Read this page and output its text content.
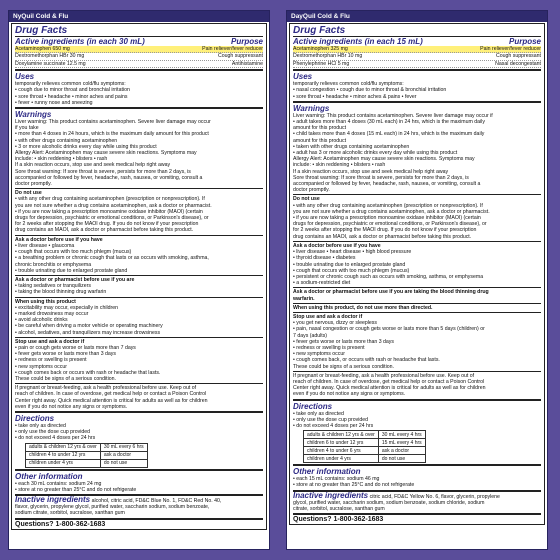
NyQuil Cold & Flu
Drug Facts
Active ingredients (in each 30 mL)	Purpose
Acetaminophen 650 mg	Pain reliever/fever reducer
Dextromethorphan HBr 30 mg	Cough suppressant
Doxylamine succinate 12.5 mg	Antihistamine
Uses
temporarily relieves common cold/flu symptoms:
• cough due to minor throat and bronchial irritation
• sore throat • headache • minor aches and pains
• fever • runny nose and sneezing
Warnings
Liver warning: This product contains acetaminophen. Severe liver damage may occur
if you take
• more than 4 doses in 24 hours, which is the maximum daily amount for this product
• with other drugs containing acetaminophen
• 3 or more alcoholic drinks every day while using this product
Allergy Alert: Acetaminophen may cause severe skin reactions. Symptoms may
include: • skin reddening • blisters • rash
If a skin reaction occurs, stop use and seek medical help right away
Sore throat warning: If sore throat is severe, persists for more than 2 days, is
accompanied or followed by fever, headache, rash, nausea, or vomiting, consult a
doctor promptly.
Do not use
• with any other drug containing acetaminophen (prescription or nonprescription). If
you are not sure whether a drug contains acetaminophen, ask a doctor or pharmacist.
• if you are now taking a prescription monoamine oxidase inhibitor (MAOI) (certain
drugs for depression, psychiatric or emotional conditions, or Parkinson's disease), or
for 2 weeks after stopping the MAOI drug. If you do not know if your prescription
drug contains an MAOI, ask a doctor or pharmacist before taking this product.
Ask a doctor before use if you have
• liver disease • glaucoma
• cough that occurs with too much phlegm (mucus)
• a breathing problem or chronic cough that lasts or as occurs with smoking, asthma,
chronic bronchitis or emphysema
• trouble urinating due to enlarged prostate gland
Ask a doctor or pharmacist before use if you are
• taking sedatives or tranquilizers
• taking the blood thinning drug warfarin
When using this product
• excitability may occur, especially in children
• marked drowsiness may occur
• avoid alcoholic drinks
• be careful when driving a motor vehicle or operating machinery
• alcohol, sedatives, and tranquilizers may increase drowsiness
Stop use and ask a doctor if
• pain or cough gets worse or lasts more than 7 days
• fever gets worse or lasts more than 3 days
• redness or swelling is present
• new symptoms occur
• cough comes back or occurs with rash or headache that lasts.
These could be signs of a serious condition.
If pregnant or breast-feeding, ask a health professional before use. Keep out of
reach of children. In case of overdose, get medical help or contact a Poison Control
Center right away. Quick medical attention is critical for adults as well as for children
even if you do not notice any signs or symptoms.
Directions
• take only as directed
• only use the dose cup provided
• do not exceed 4 doses per 24 hrs
adults & children 12 yrs & over	30 mL every 6 hrs
children 4 to under 12 yrs	ask a doctor
children under 4 yrs	do not use
Other information
• each 30 mL contains: sodium 24 mg
• store at no greater than 25°C and do not refrigerate
Inactive ingredients alcohol, citric acid, FD&C Blue No. 1, FD&C Red No. 40,
flavor, glycerin, propylene glycol, purified water, saccharin sodium, sodium benzoate,
sodium citrate, sorbitol, sucralose, xanthan gum
Questions? 1-800-362-1683
DayQuil Cold & Flu
Drug Facts
Active ingredients (in each 15 mL)	Purpose
Acetaminophen 325 mg	Pain reliever/fever reducer
Dextromethorphan HBr 10 mg	Cough suppressant
Phenylephrine HCl 5 mg	Nasal decongestant
Uses
temporarily relieves common cold/flu symptoms:
• nasal congestion • cough due to minor throat & bronchial irritation
• sore throat • headache • minor aches & pains • fever
Warnings
Liver warning: This product contains acetaminophen. Severe liver damage may occur if
• adult takes more than 4 doses (30 mL each) in 24 hrs, which is the maximum daily
amount for this product
• child takes more than 4 doses (15 mL each) in 24 hrs, which is the maximum daily
amount for this product
• taken with other drugs containing acetaminophen
• adult has 3 or more alcoholic drinks every day while using this product
Allergy Alert: Acetaminophen may cause severe skin reactions. Symptoms may
include: • skin reddening • blisters • rash
If a skin reaction occurs, stop use and seek medical help right away
Sore throat warning: If sore throat is severe, persists for more than 2 days, is
accompanied or followed by fever, headache, rash, nausea, or vomiting, consult a
doctor promptly.
Do not use
• with any other drug containing acetaminophen (prescription or nonprescription). If
you are not sure whether a drug contains acetaminophen, ask a doctor or pharmacist.
• if you are now taking a prescription monoamine oxidase inhibitor (MAOI) (certain
drugs for depression, psychiatric or emotional conditions, or Parkinson's disease), or
for 2 weeks after stopping the MAOI drug. If you do not know if your prescription
drug contains an MAOI, ask a doctor or pharmacist before taking this product.
Ask a doctor before use if you have
• liver disease • heart disease • high blood pressure
• thyroid disease • diabetes
• trouble urinating due to enlarged prostate gland
• cough that occurs with too much phlegm (mucus)
• persistent or chronic cough such as occurs with smoking, asthma, or emphysema
• a sodium-restricted diet
Ask a doctor or pharmacist before use if you are taking the blood thinning drug
warfarin.
When using this product, do not use more than directed.
Stop use and ask a doctor if
• you get nervous, dizzy or sleepless
• pain, nasal congestion or cough gets worse or lasts more than 5 days (children) or
7 days (adults)
• fever gets worse or lasts more than 3 days
• redness or swelling is present
• new symptoms occur
• cough comes back, or occurs with rash or headache that lasts.
These could be signs of a serious condition.
If pregnant or breast-feeding, ask a health professional before use. Keep out of
reach of children. In case of overdose, get medical help or contact a Poison Control
Center right away. Quick medical attention is critical for adults as well as for children
even if you do not notice any signs or symptoms.
Directions
• take only as directed
• only use the dose cup provided
• do not exceed 4 doses per 24 hrs
adults & children 12 yrs & over	30 mL every 4 hrs
children 6 to under 12 yrs	15 mL every 4 hrs
children 4 to under 6 yrs	ask a doctor
children under 4 yrs	do not use
Other information
• each 15 mL contains: sodium 46 mg
• store at no greater than 25°C and do not refrigerate
Inactive ingredients citric acid, FD&C Yellow No. 6, flavor, glycerin, propylene
glycol, purified water, saccharin sodium, sodium benzoate, sodium chloride, sodium
citrate, sorbitol, sucralose, xanthan gum
Questions? 1-800-362-1683
